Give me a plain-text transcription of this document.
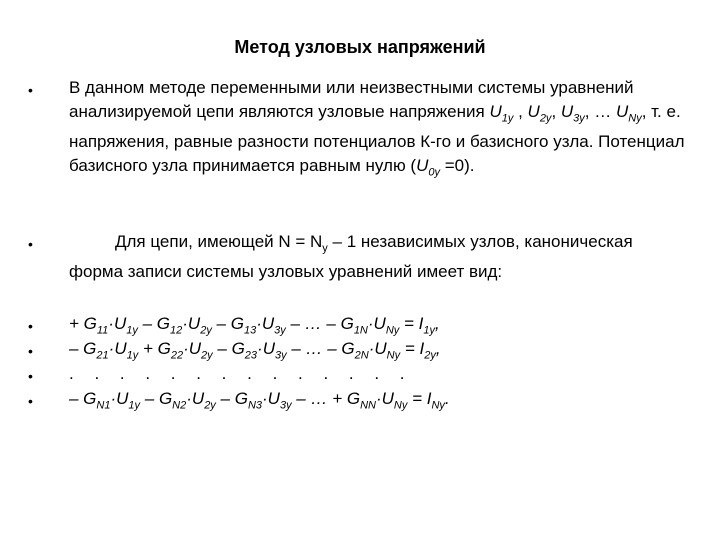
Метод узловых напряжений
• В данном методе переменными или неизвестными системы уравнений анализируемой цепи являются узловые напряжения $U_{1у}$ , $U_{2у}$, $U_{3у}$, … $U_{Nу}$, т. е. напряжения, равные разности потенциалов К-го и базисного узла. Потенциал базисного узла принимается равным нулю $(U_{0у} =0)$.
•	Для цепи, имеющей $N = N_у - 1$ независимых узлов, каноническая форма записи системы узловых уравнений имеет вид:
• + $G_{11}\cdot U_{1у} - G_{12}\cdot U_{2у} - G_{13}\cdot U_{3у}$ – … – $G_{1N}\cdot U_{Nу} = I_{1у}$,
• – $G_{21}\cdot U_{1у} + G_{22}\cdot U_{2у} - G_{23}\cdot U_{3у}$ – … – $G_{2N}\cdot U_{Nу} = I_{2у}$,
• . . . . . . . . . . . . . .
• – $G_{N1}\cdot U_{1у} - G_{N2}\cdot U_{2у} - G_{N3}\cdot U_{3у}$ – … + $G_{NN}\cdot U_{Nу} = I_{Nу}$.
